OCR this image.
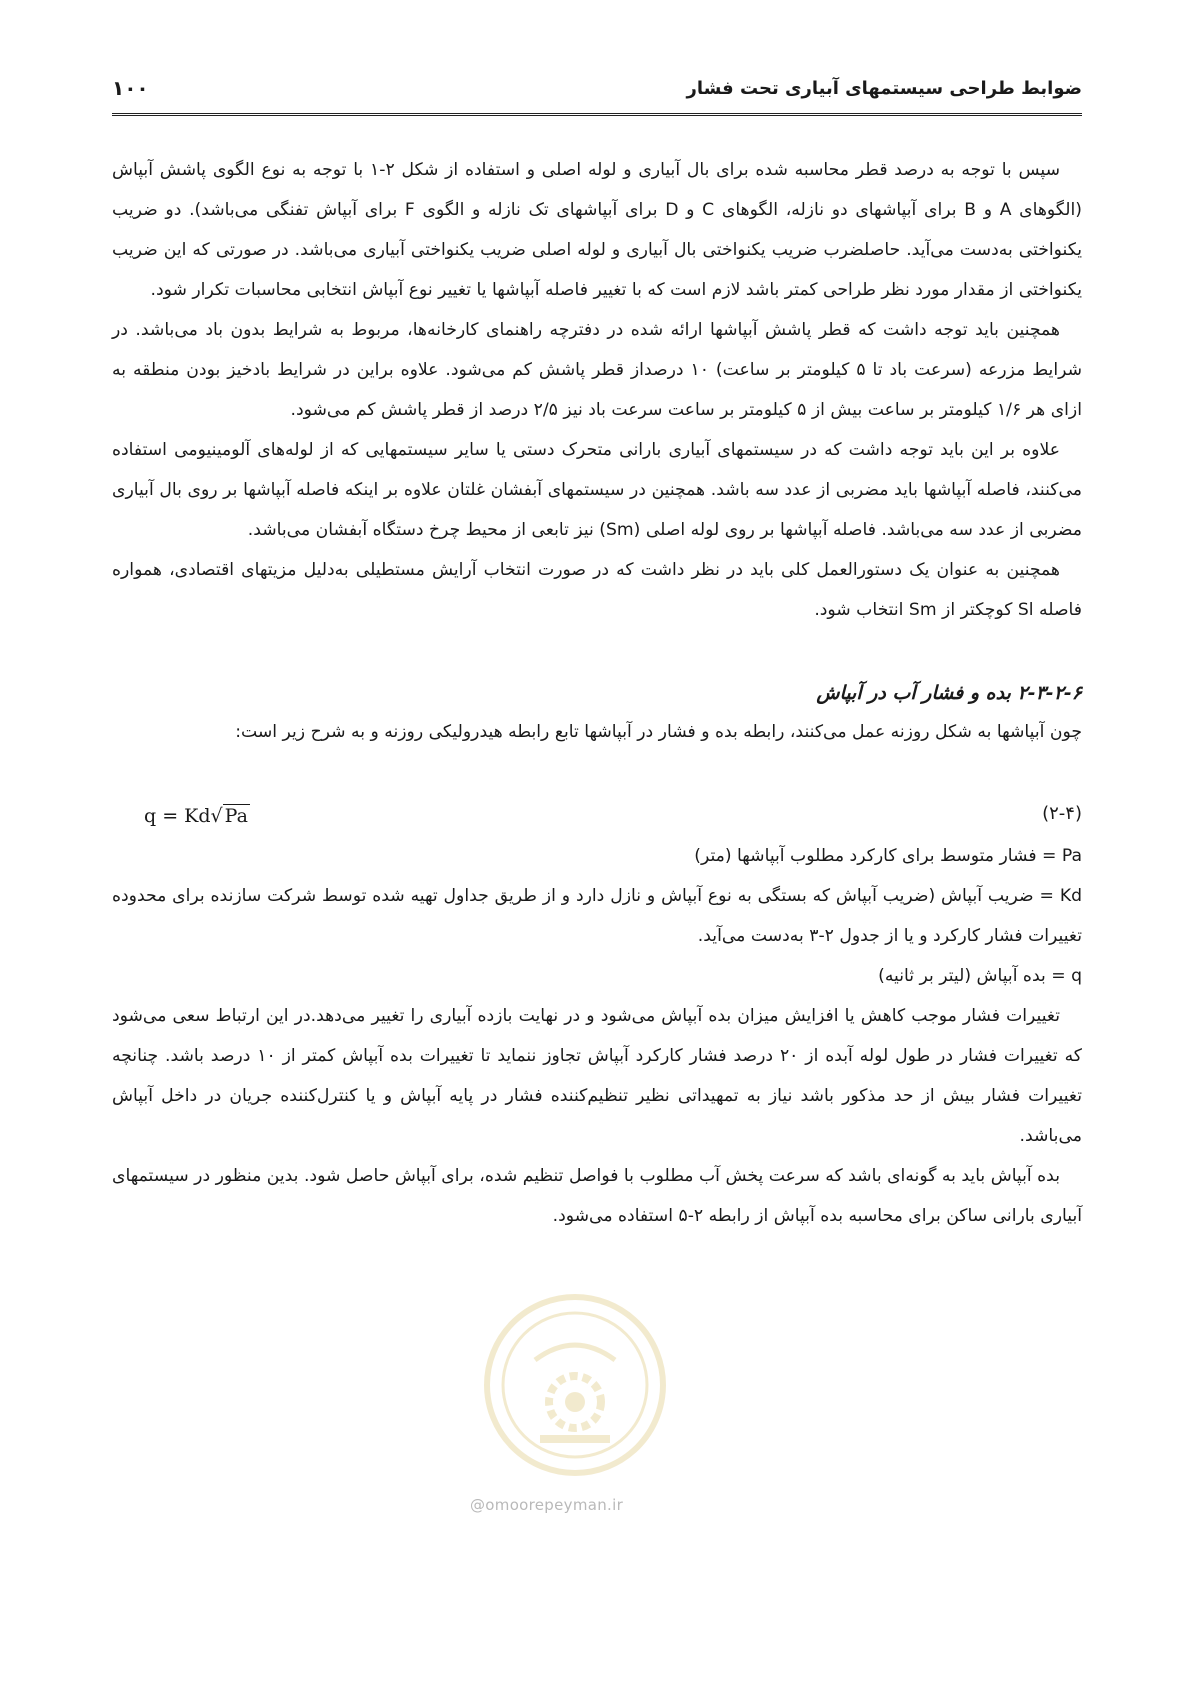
ضوابط طراحی سیستمهای آبیاری تحت فشار
۱۰۰

سپس با توجه به درصد قطر محاسبه شده برای بال آبیاری و لوله اصلی و استفاده از شکل ۲-۱ با توجه به نوع الگوی پاشش آبپاش (الگوهای A و B برای آبپاشهای دو نازله، الگوهای C و D برای آبپاشهای تک نازله و الگوی F برای آبپاش تفنگی می‌باشد). دو ضریب یکنواختی به‌دست می‌آید. حاصلضرب ضریب یکنواختی بال آبیاری و لوله اصلی ضریب یکنواختی آبیاری می‌باشد. در صورتی که این ضریب یکنواختی از مقدار مورد نظر طراحی کمتر باشد لازم است که با تغییر فاصله آبپاشها یا تغییر نوع آبپاش انتخابی محاسبات تکرار شود.

همچنین باید توجه داشت که قطر پاشش آبپاشها ارائه شده در دفترچه راهنمای کارخانه‌ها، مربوط به شرایط بدون باد می‌باشد. در شرایط مزرعه (سرعت باد تا ۵ کیلومتر بر ساعت) ۱۰ درصداز قطر پاشش کم می‌شود. علاوه براین در شرایط بادخیز بودن منطقه به ازای هر ۱/۶ کیلومتر بر ساعت بیش از ۵ کیلومتر بر ساعت سرعت باد نیز ۲/۵ درصد از قطر پاشش کم می‌شود.

علاوه بر این باید توجه داشت که در سیستمهای آبیاری بارانی متحرک دستی یا سایر سیستمهایی که از لوله‌های آلومینیومی استفاده می‌کنند، فاصله آبپاشها باید مضربی از عدد سه باشد. همچنین در سیستمهای آبفشان غلتان علاوه بر اینکه فاصله آبپاشها بر روی بال آبیاری مضربی از عدد سه می‌باشد. فاصله آبپاشها بر روی لوله اصلی (Sm) نیز تابعی از محیط چرخ دستگاه آبفشان می‌باشد.

همچنین به عنوان یک دستورالعمل کلی باید در نظر داشت که در صورت انتخاب آرایش مستطیلی به‌دلیل مزیتهای اقتصادی، همواره فاصله Sl کوچکتر از Sm انتخاب شود.

۲-۳-۲-۶ بده و فشار آب در آبپاش

چون آبپاشها به شکل روزنه عمل می‌کنند، رابطه بده و فشار در آبپاشها تابع رابطه هیدرولیکی روزنه و به شرح زیر است:

q = Kd√ Pa	(۲-۴)

Pa = فشار متوسط برای کارکرد مطلوب آبپاشها (متر)

Kd = ضریب آبپاش (ضریب آبپاش که بستگی به نوع آبپاش و نازل دارد و از طریق جداول تهیه شده توسط شرکت سازنده برای محدوده تغییرات فشار کارکرد و یا از جدول ۲-۳ به‌دست می‌آید.

q = بده آبپاش (لیتر بر ثانیه)

تغییرات فشار موجب کاهش یا افزایش میزان بده آبپاش می‌شود و در نهایت بازده آبیاری را تغییر می‌دهد.در این ارتباط سعی می‌شود که تغییرات فشار در طول لوله آبده از ۲۰ درصد فشار کارکرد آبپاش تجاوز ننماید تا تغییرات بده آبپاش کمتر از ۱۰ درصد باشد. چنانچه تغییرات فشار بیش از حد مذکور باشد نیاز به تمهیداتی نظیر تنظیم‌کننده فشار در پایه آبپاش و یا کنترل‌کننده جریان در داخل آبپاش می‌باشد.

بده آبپاش باید به گونه‌ای باشد که سرعت پخش آب مطلوب با فواصل تنظیم شده، برای آبپاش حاصل شود. بدین منظور در سیستمهای آبیاری بارانی ساکن برای محاسبه بده آبپاش از رابطه ۲-۵ استفاده می‌شود.

@omoorepeyman.ir
